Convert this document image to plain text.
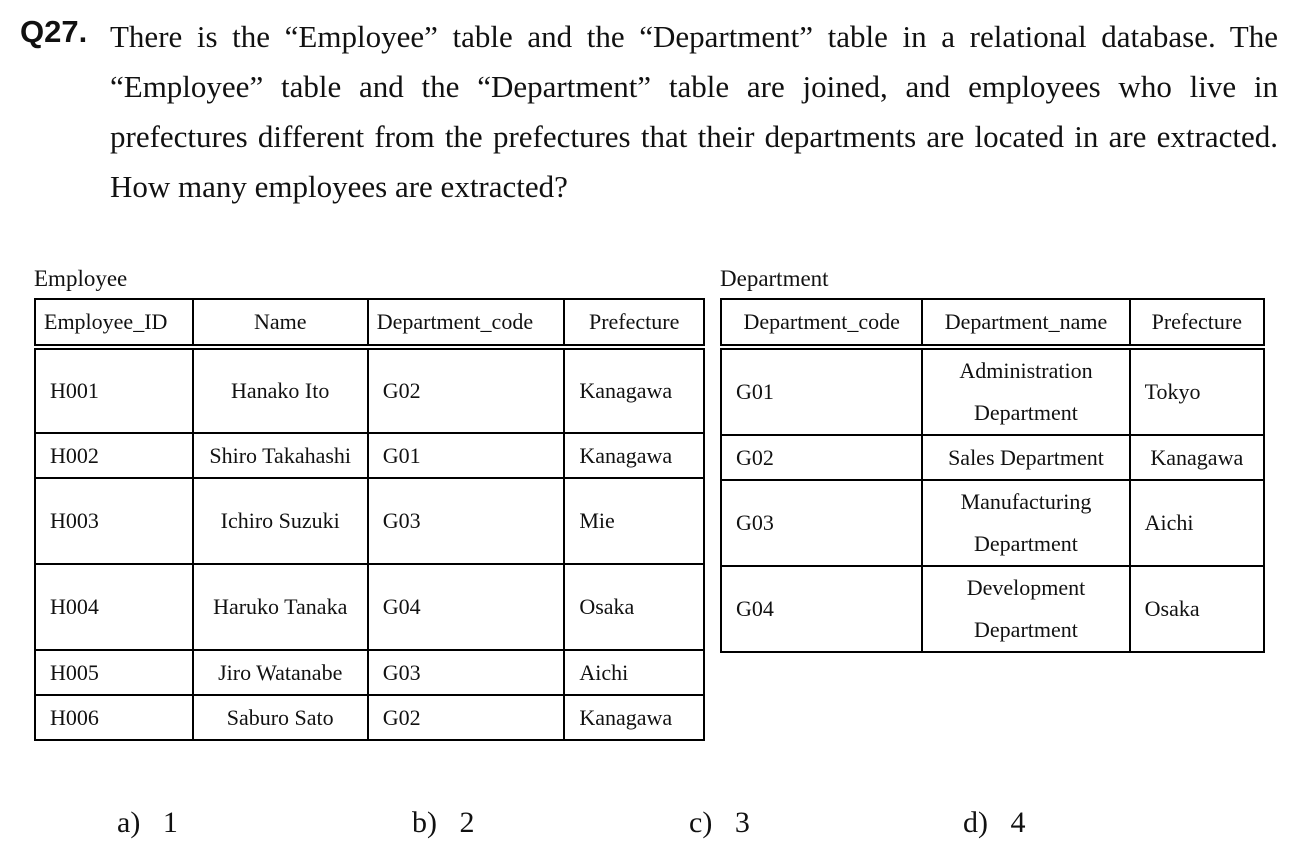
Q27. There is the “Employee” table and the “Department” table in a relational database. The “Employee” table and the “Department” table are joined, and employees who live in prefectures different from the prefectures that their departments are located in are extracted. How many employees are extracted?
Employee
Employee_ID	Name	Department_code	Prefecture
H001	Hanako Ito	G02	Kanagawa
H002	Shiro Takahashi	G01	Kanagawa
H003	Ichiro Suzuki	G03	Mie
H004	Haruko Tanaka	G04	Osaka
H005	Jiro Watanabe	G03	Aichi
H006	Saburo Sato	G02	Kanagawa
Department
Department_code	Department_name	Prefecture
G01	Administration Department	Tokyo
G02	Sales Department	Kanagawa
G03	Manufacturing Department	Aichi
G04	Development Department	Osaka
a) 1	b) 2	c) 3	d) 4
